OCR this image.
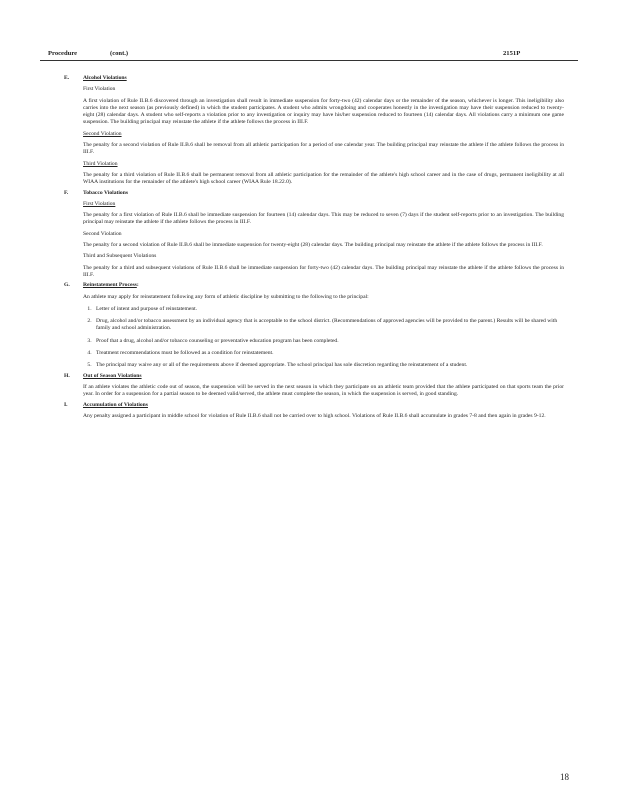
Procedure	(cont.)	2151P
E.	Alcohol Violations
First Violation

A first violation of Rule II.B.6 discovered through an investigation shall result in immediate suspension for forty-two (42) calendar days or the remainder of the season, whichever is longer. This ineligibility also carries into the next season (as previously defined) in which the student participates. A student who admits wrongdoing and cooperates honestly in the investigation may have their suspension reduced to twenty-eight (28) calendar days. A student who self-reports a violation prior to any investigation or inquiry may have his/her suspension reduced to fourteen (14) calendar days. All violations carry a minimum one game suspension. The building principal may reinstate the athlete if the athlete follows the process in III.F.

Second Violation

The penalty for a second violation of Rule II.B.6 shall be removal from all athletic participation for a period of one calendar year. The building principal may reinstate the athlete if the athlete follows the process in III.F.

Third Violation

The penalty for a third violation of Rule II.B.6 shall be permanent removal from all athletic participation for the remainder of the athlete's high school career and in the case of drugs, permanent ineligibility at all WIAA institutions for the remainder of the athlete's high school career (WIAA Rule 18.22.0).

F.	Tobacco Violations
First Violation

The penalty for a first violation of Rule II.B.6 shall be immediate suspension for fourteen (14) calendar days. This may be reduced to seven (7) days if the student self-reports prior to an investigation. The building principal may reinstate the athlete if the athlete follows the process in III.F.

Second Violation

The penalty for a second violation of Rule II.B.6 shall be immediate suspension for twenty-eight (28) calendar days. The building principal may reinstate the athlete if the athlete follows the process in III.F.

Third and Subsequent Violations

The penalty for a third and subsequent violations of Rule II.B.6 shall be immediate suspension for forty-two (42) calendar days. The building principal may reinstate the athlete if the athlete follows the process in III.F.

G.	Reinstatement Process :

An athlete may apply for reinstatement following any form of athletic discipline by submitting to the following to the principal:

1. Letter of intent and purpose of reinstatement.
2. Drug, alcohol and/or tobacco assessment by an individual agency that is acceptable to the school district. (Recommendations of approved agencies will be provided to the parent.) Results will be shared with family and school administration.
3. Proof that a drug, alcohol and/or tobacco counseling or preventative education program has been completed.
4. Treatment recommendations must be followed as a condition for reinstatement.
5. The principal may waive any or all of the requirements above if deemed appropriate. The school principal has sole discretion regarding the reinstatement of a student.
H.	Out of Season Violations

If an athlete violates the athletic code out of season, the suspension will be served in the next season in which they participate on an athletic team provided that the athlete participated on that sports team the prior year. In order for a suspension for a partial season to be deemed valid/served, the athlete must complete the season, in which the suspension is served, in good standing.

I.	Accumulation of Violations

Any penalty assigned a participant in middle school for violation of Rule II.B.6 shall not be carried over to high school. Violations of Rule II.B.6 shall accumulate in grades 7-8 and then again in grades 9-12.

18
